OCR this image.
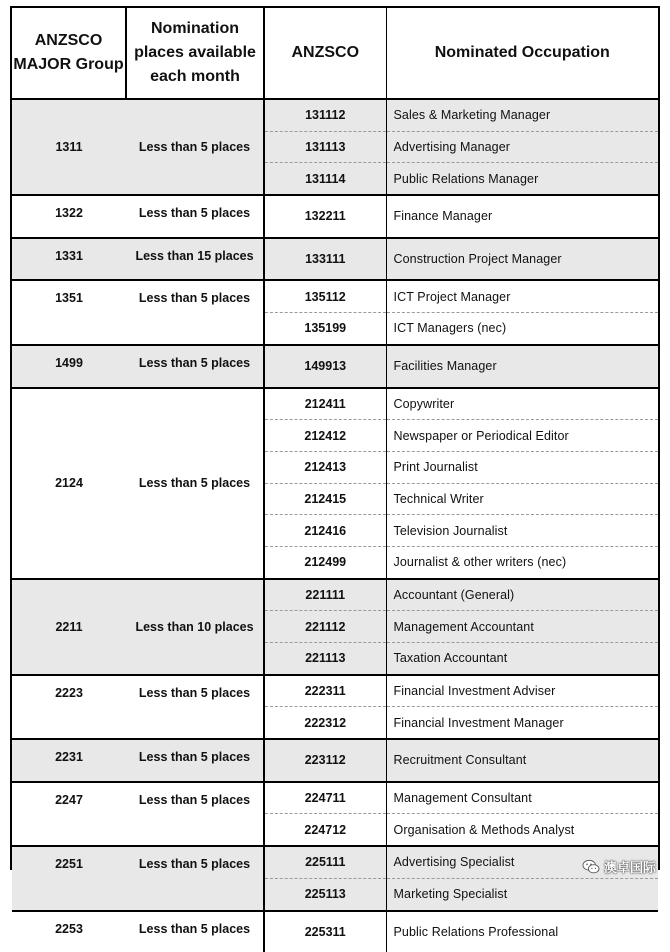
ANZSCO MAJOR Group	Nomination places available each month	ANZSCO	Nominated Occupation
1311	Less than 5 places	131112	Sales & Marketing Manager
		131113	Advertising Manager
		131114	Public Relations Manager
1322	Less than 5 places	132211	Finance Manager
1331	Less than 15 places	133111	Construction Project Manager
1351	Less than 5 places	135112	ICT Project Manager
		135199	ICT Managers (nec)
1499	Less than 5 places	149913	Facilities Manager
2124	Less than 5 places	212411	Copywriter
		212412	Newspaper or Periodical Editor
		212413	Print Journalist
		212415	Technical Writer
		212416	Television Journalist
		212499	Journalist & other writers (nec)
2211	Less than 10 places	221111	Accountant (General)
		221112	Management Accountant
		221113	Taxation Accountant
2223	Less than 5 places	222311	Financial Investment Adviser
		222312	Financial Investment Manager
2231	Less than 5 places	223112	Recruitment Consultant
2247	Less than 5 places	224711	Management Consultant
		224712	Organisation & Methods Analyst
2251	Less than 5 places	225111	Advertising Specialist
		225113	Marketing Specialist
2253	Less than 5 places	225311	Public Relations Professional
澳卓国际
